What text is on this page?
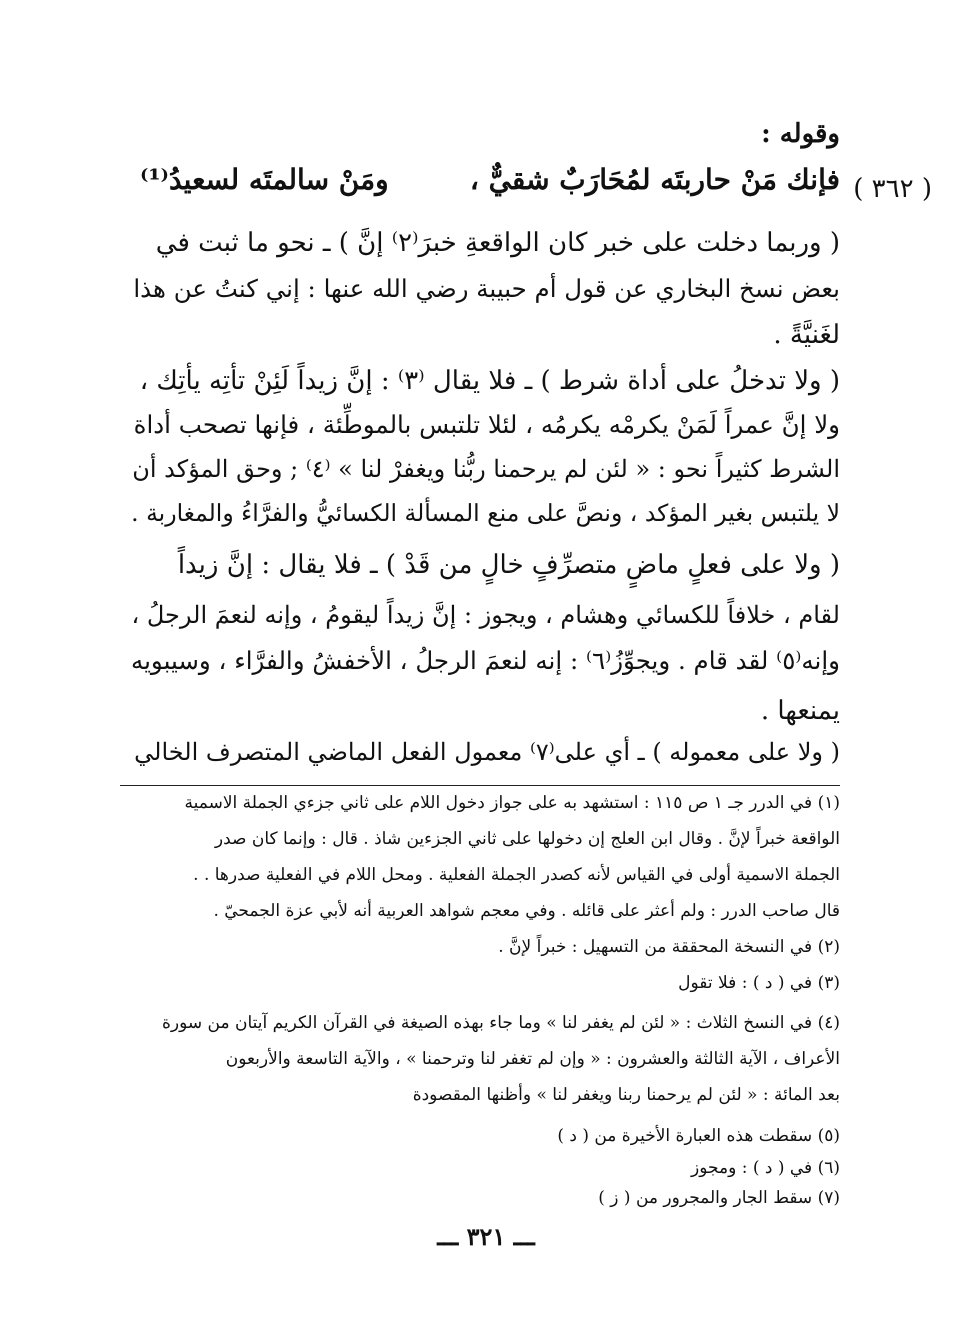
وقوله :
( ٣٦٢ )
فإنك مَنْ حاربتَه لمُحَارَبٌ شقيٌّ ،
ومَنْ سالمتَه لسعيدُ⁽¹⁾
( وربما دخلت على خبر كان الواقعةِ خبرَ⁽٢⁾ إنَّ ) ـ نحو ما ثبت في
بعض نسخ البخاري عن قول أم حبيبة رضي الله عنها : إني كنتُ عن هذا
لغَنيَّةً .
( ولا تدخلُ على أداة شرط ) ـ فلا يقال ⁽٣⁾ : إنَّ زيداً لَئِنْ تأتِه يأتِك ،
ولا إنَّ عمراً لَمَنْ يكرمْه يكرمُه ، لئلا تلتبس بالموطِّئة ، فإنها تصحب أداة
الشرط كثيراً نحو : « لئن لم يرحمنا ربُّنا ويغفرْ لنا » ⁽٤⁾ ; وحق المؤكد أن
لا يلتبس بغير المؤكد ، ونصَّ على منع المسألة الكسائيُّ والفرَّاءُ والمغاربة .
( ولا على فعلٍ ماضٍ متصرِّفٍ خالٍ من قَدْ ) ـ فلا يقال : إنَّ زيداً
لقام ، خلافاً للكسائي وهشام ، ويجوز : إنَّ زيداً ليقومُ ، وإنه لنعمَ الرجلُ ،
وإنه⁽٥⁾ لقد قام . ويجوِّزُ⁽٦⁾ : إنه لنعمَ الرجلُ ، الأخفشُ والفرَّاء ، وسيبويه
يمنعها .
( ولا على معموله ) ـ أي على⁽٧⁾ معمول الفعل الماضي المتصرف الخالي
(١) في الدرر جـ ١ ص ١١٥ : استشهد به على جواز دخول اللام على ثاني جزءي الجملة الاسمية
الواقعة خبراً لإنَّ . وقال ابن العلج إن دخولها على ثاني الجزءين شاذ . قال : وإنما كان صدر
الجملة الاسمية أولى في القياس لأنه كصدر الجملة الفعلية . ومحل اللام في الفعلية صدرها . .
قال صاحب الدرر : ولم أعثر على قائله . وفي معجم شواهد العربية أنه لأبي عزة الجمحيّ .
(٢) في النسخة المحققة من التسهيل : خبراً لإنَّ .
(٣) في ( د ) : فلا تقول
(٤) في النسخ الثلاث : « لئن لم يغفر لنا » وما جاء بهذه الصيغة في القرآن الكريم آيتان من سورة
الأعراف ، الآية الثالثة والعشرون : « وإن لم تغفر لنا وترحمنا » ، والآية التاسعة والأربعون
بعد المائة : « لئن لم يرحمنا ربنا ويغفر لنا » وأظنها المقصودة
(٥) سقطت هذه العبارة الأخيرة من ( د )
(٦) في ( د ) : ومجوز
(٧) سقط الجار والمجرور من ( ز )
ـــ ٣٢١ ـــ
